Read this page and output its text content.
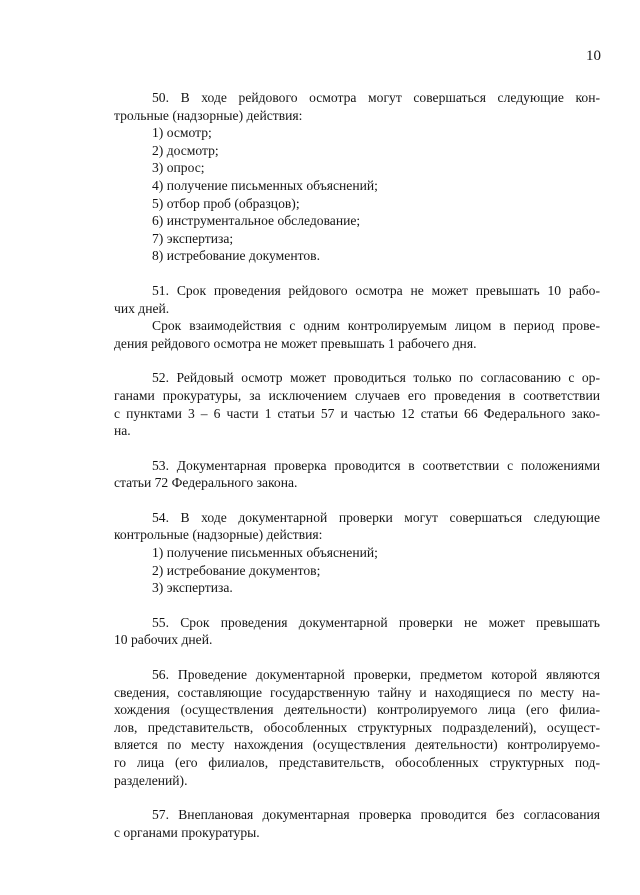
10
50. В ходе рейдового осмотра могут совершаться следующие кон-
трольные (надзорные) действия:
1) осмотр;
2) досмотр;
3) опрос;
4) получение письменных объяснений;
5) отбор проб (образцов);
6) инструментальное обследование;
7) экспертиза;
8) истребование документов.
51. Срок проведения рейдового осмотра не может превышать 10 рабо-
чих дней.
Срок взаимодействия с одним контролируемым лицом в период прове-
дения рейдового осмотра не может превышать 1 рабочего дня.
52. Рейдовый осмотр может проводиться только по согласованию с ор-
ганами прокуратуры, за исключением случаев его проведения в соответствии
с пунктами 3 – 6 части 1 статьи 57 и частью 12 статьи 66 Федерального зако-
на.
53. Документарная проверка проводится в соответствии с положениями
статьи 72 Федерального закона.
54. В ходе документарной проверки могут совершаться следующие
контрольные (надзорные) действия:
1) получение письменных объяснений;
2) истребование документов;
3) экспертиза.
55. Срок проведения документарной проверки не может превышать
10 рабочих дней.
56. Проведение документарной проверки, предметом которой являются
сведения, составляющие государственную тайну и находящиеся по месту на-
хождения (осуществления деятельности) контролируемого лица (его филиа-
лов, представительств, обособленных структурных подразделений), осущест-
вляется по месту нахождения (осуществления деятельности) контролируемо-
го лица (его филиалов, представительств, обособленных структурных под-
разделений).
57. Внеплановая документарная проверка проводится без согласования
с органами прокуратуры.
